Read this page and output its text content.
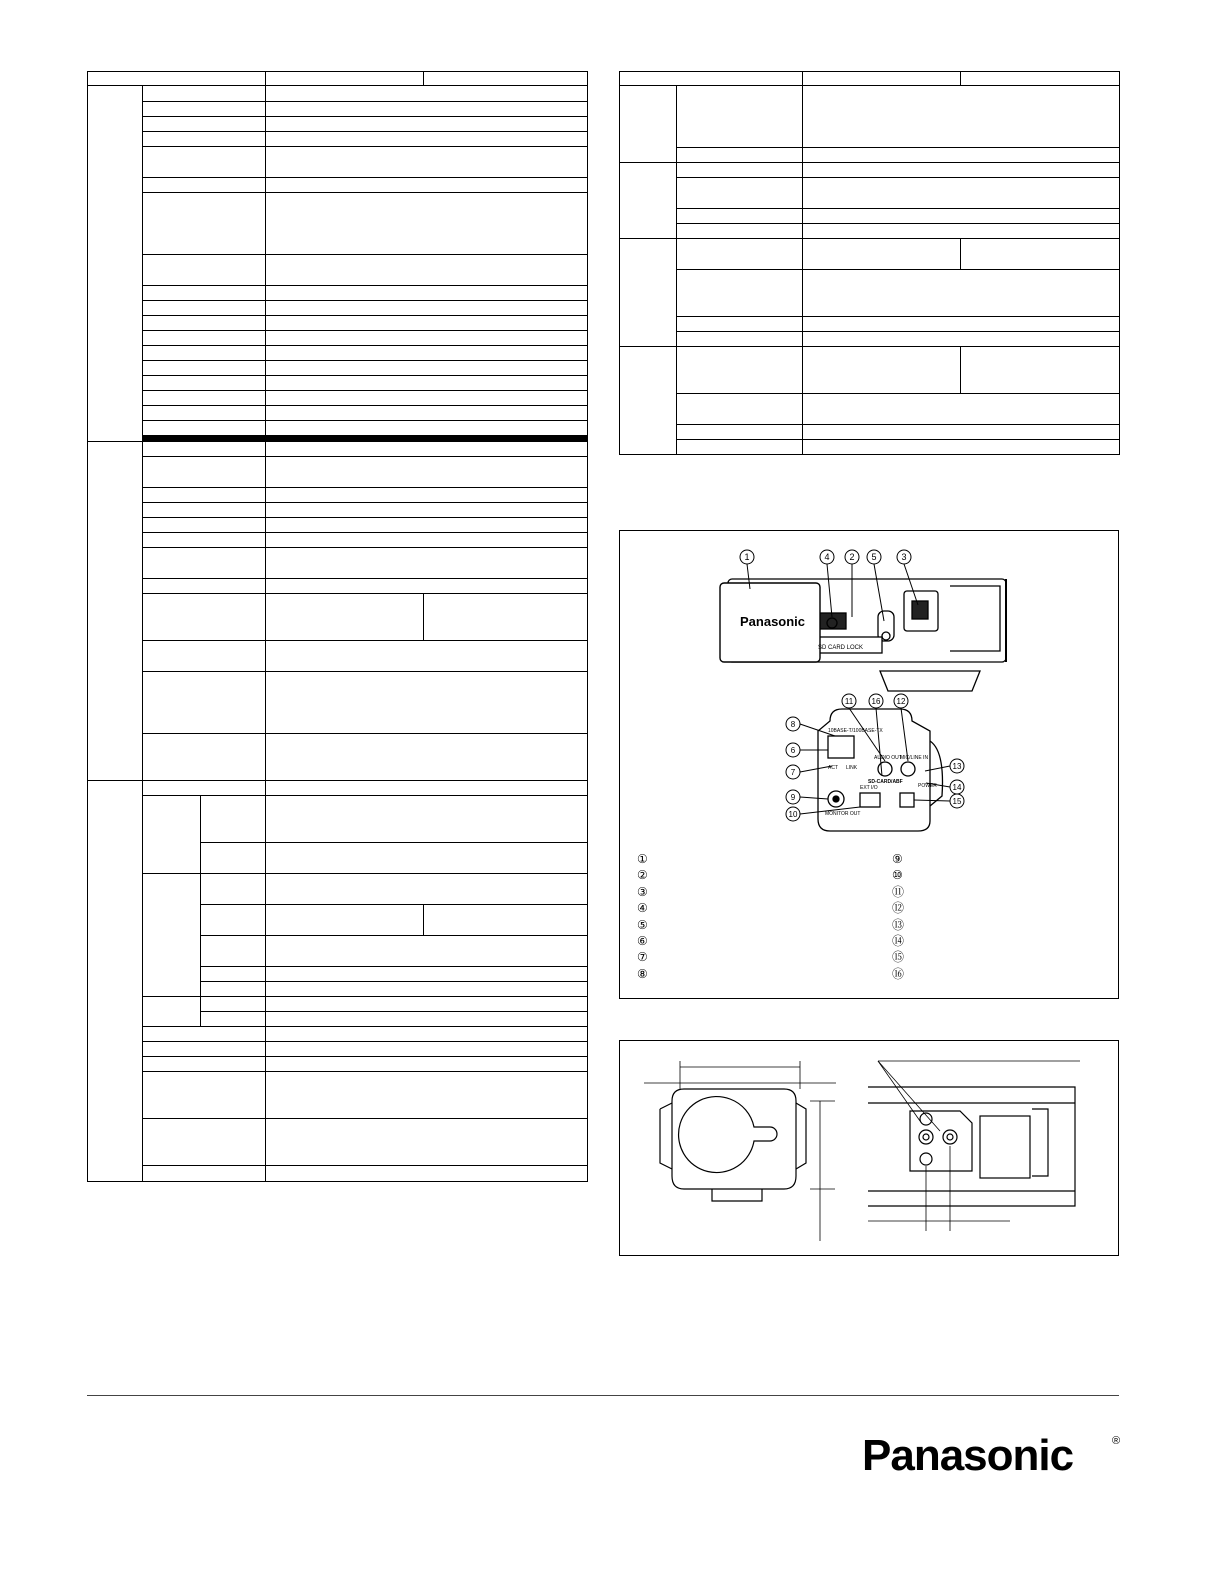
Panasonic
SD CARD LOCK
1	4 2 5	3
10BASE-T/100BASE-TX
ACT LINK
MONITOR OUT
AUDIO OUT
MIC/LINE IN
SD-CARD/ABF
POWER
EXT I/O
11 16 12
8
6
7
9
10
13
14
15
①
②
③
④
⑤
⑥
⑦
⑧
⑨
⑩
⑪
⑫
⑬
⑭
⑮
⑯
Panasonic	®
